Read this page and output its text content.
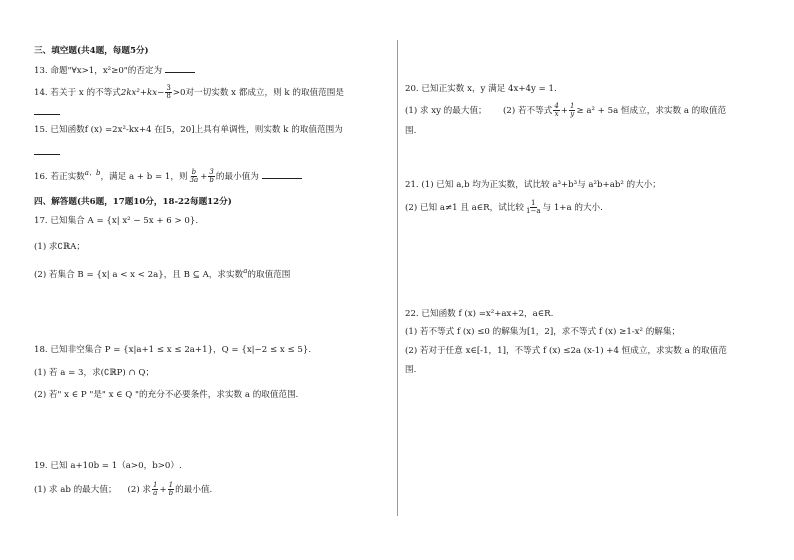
三、填空题(共4题，每题5分)
13. 命题"∀x>1，x²≥0"的否定为
14. 若关于 x 的不等式$2kx^2+kx- \frac{3}{8} >0$对一切实数 x 都成立，则 k 的取值范围是
15. 已知函数f (x) =2x²-kx+4 在[5，20]上具有单调性，则实数 k 的取值范围为
16. 若正实数$^{a、b}$，满足 a + b = 1，则 $\frac{b}{3a} + \frac{3}{b}$ 的最小值为
四、解答题(共6题，17题10分，18-22每题12分)
17. 已知集合 A = {x| x² − 5x + 6 > 0}.
(1) 求∁ℝA；
(2) 若集合 B = {x| a < x < 2a}，且 B ⊆ A，求实数$^a$的取值范围
18. 已知非空集合 P = {x|a+1 ≤ x ≤ 2a+1}，Q = {x|−2 ≤ x ≤ 5}.
(1) 若 a = 3，求(∁ℝP) ∩ Q；
(2) 若" x ∈ P "是" x ∈ Q "的充分不必要条件，求实数 a 的取值范围.
19. 已知 a+10b = 1（a>0，b>0）.
(1) 求 ab 的最大值； (2) 求 $\frac{1}{a} + \frac{1}{b}$ 的最小值.
20. 已知正实数 x，y 满足 4x+4y = 1.
(1) 求 xy 的最大值； (2) 若不等式 $\frac{4}{x} + \frac{1}{y} \ge a^2 + 5a$ 恒成立，求实数 a 的取值范
围.
21. (1) 已知 a,b 均为正实数，试比较 a³+b³与 a²b+ab² 的大小；
(2) 已知 a≠1 且 a∈R，试比较 $\frac{1}{1-a}$ 与 1+a 的大小.
22. 已知函数 f (x) =x²+ax+2，a∈R.
(1) 若不等式 f (x) ≤0 的解集为[1，2]，求不等式 f (x) ≥1-x² 的解集；
(2) 若对于任意 x∈[-1，1]，不等式 f (x) ≤2a (x-1) +4 恒成立，求实数 a 的取值范
围.
